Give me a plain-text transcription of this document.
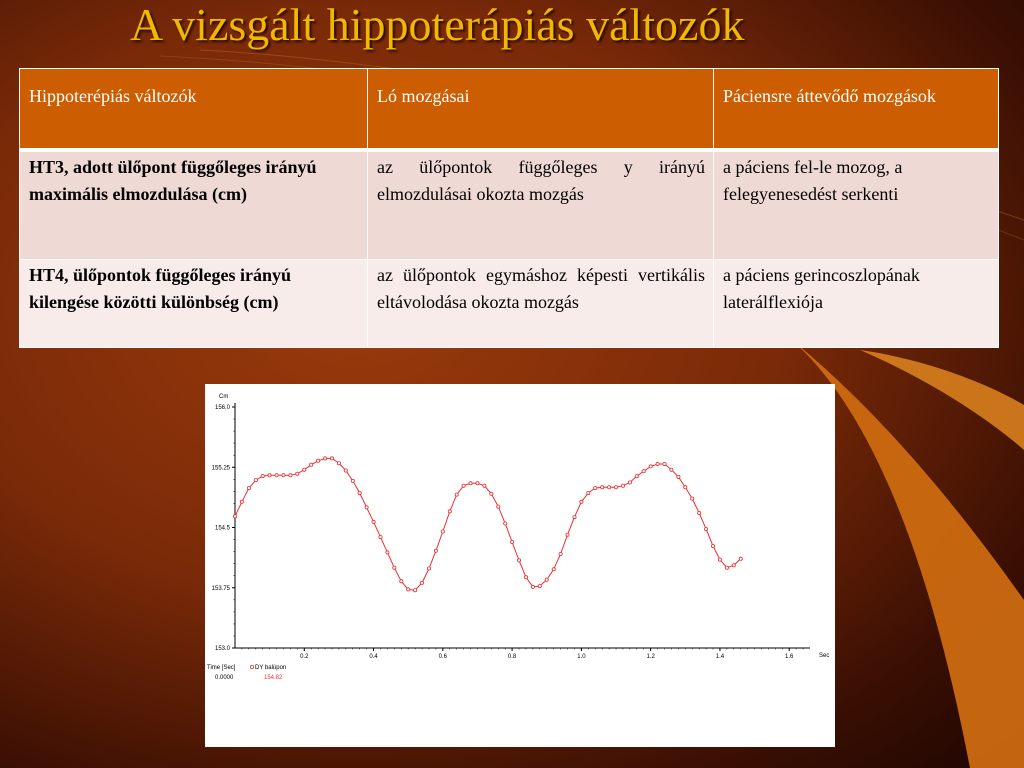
A vizsgált hippoterápiás változók
Hippoterépiás változók	Ló mozgásai	Páciensre áttevődő mozgások
HT3, adott ülőpont függőleges irányú maximális elmozdulása (cm)	az ülőpontok függőleges y irányú elmozdulásai okozta mozgás	a páciens fel-le mozog, a felegyenesedést serkenti
HT4, ülőpontok függőleges irányú kilengése közötti különbség (cm)	az ülőpontok egymáshoz képesti vertikális eltávolodása okozta mozgás	a páciens gerincoszlopának laterálflexiója
Cm
Sec
156.0
155.25
154.5
153.75
153.0
0.2	0.4	0.6	0.8	1.0	1.2	1.4	1.6
Time [Sec]	DY balüpon
0.0000	154.82
